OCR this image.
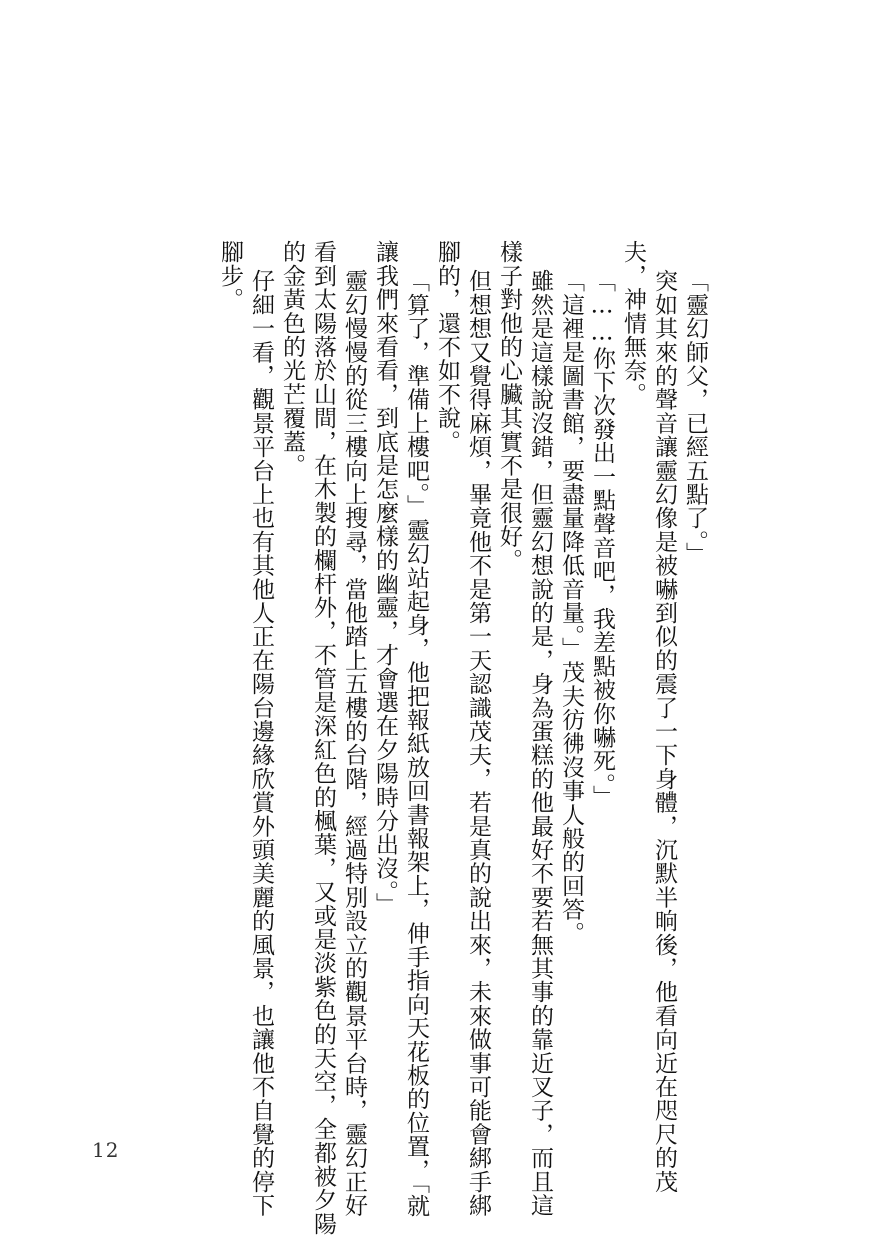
「靈幻師父，已經五點了。」
突如其來的聲音讓靈幻像是被嚇到似的震了一下身體，沉默半晌後，他看向近在咫尺的茂
夫，神情無奈。
「……你下次發出一點聲音吧，我差點被你嚇死。」
「這裡是圖書館，要盡量降低音量。」茂夫彷彿沒事人般的回答。
雖然是這樣說沒錯，但靈幻想說的是，身為蛋糕的他最好不要若無其事的靠近叉子，而且這
樣子對他的心臟其實不是很好。
但想想又覺得麻煩，畢竟他不是第一天認識茂夫，若是真的說出來，未來做事可能會綁手綁
腳的，還不如不說。
「算了，準備上樓吧。」靈幻站起身，他把報紙放回書報架上，伸手指向天花板的位置，「就
讓我們來看看，到底是怎麼樣的幽靈，才會選在夕陽時分出沒。」
靈幻慢慢的從三樓向上搜尋，當他踏上五樓的台階，經過特別設立的觀景平台時，靈幻正好
看到太陽落於山間，在木製的欄杆外，不管是深紅色的楓葉，又或是淡紫色的天空，全都被夕陽
的金黃色的光芒覆蓋。
仔細一看，觀景平台上也有其他人正在陽台邊緣欣賞外頭美麗的風景，也讓他不自覺的停下
腳步。
12
